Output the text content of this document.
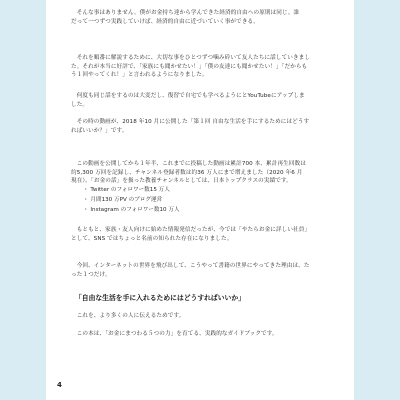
　そんな事はありません。僕がお金持ち達から学んできた経済的自由への原則は同じ。誰
だって一つずつ実践していけば、経済的自由に近づいていく事ができる。
　それを順番に解説するために、大切な事をひとつずつ噛み砕いて友人たちに話していきまし
た。それが本当に好評で、「家族にも聞かせたい！」「僕の友達にも聞かせたい！」「だからも
う１回やってくれ！」と言われるようになりました。
　何度も同じ話をするのは大変だし、復習で自宅でも学べるようにとYouTubeにアップしま
した。
　その時の動画が、2018 年10 月に公開した「第１回 自由な生活を手にするためにはどうす
ればいいか？」です。
　この動画を公開してから１年半、これまでに投稿した動画は累計700 本、累計再生回数は
約5,300 万回を記録し、チャンネル登録者数は約36 万人にまで増えました（2020 年6 月
現在）。「お金の話」を扱った教養チャンネルとしては、日本トップクラスの実績です。
・ Twitter のフォロワー数15 万人
・ 月間130 万PV のブログ運営
・ Instagram のフォロワー数10 万人
　もともと、家族・友人向けに始めた情報発信だったが、今では「やたらお金に詳しい社員」
として、SNS ではちょっと名前の知られた存在になりました。
　今回、インターネットの世界を飛び出して、こうやって書籍の世界にやってきた理由は、た
った１つだけ。
「自由な生活を手に入れるためにはどうすればいいか」
　これを、より多くの人に伝えるためです。
　この本は、「お金にまつわる５つの力」を育てる、実践的なガイドブックです。
4
